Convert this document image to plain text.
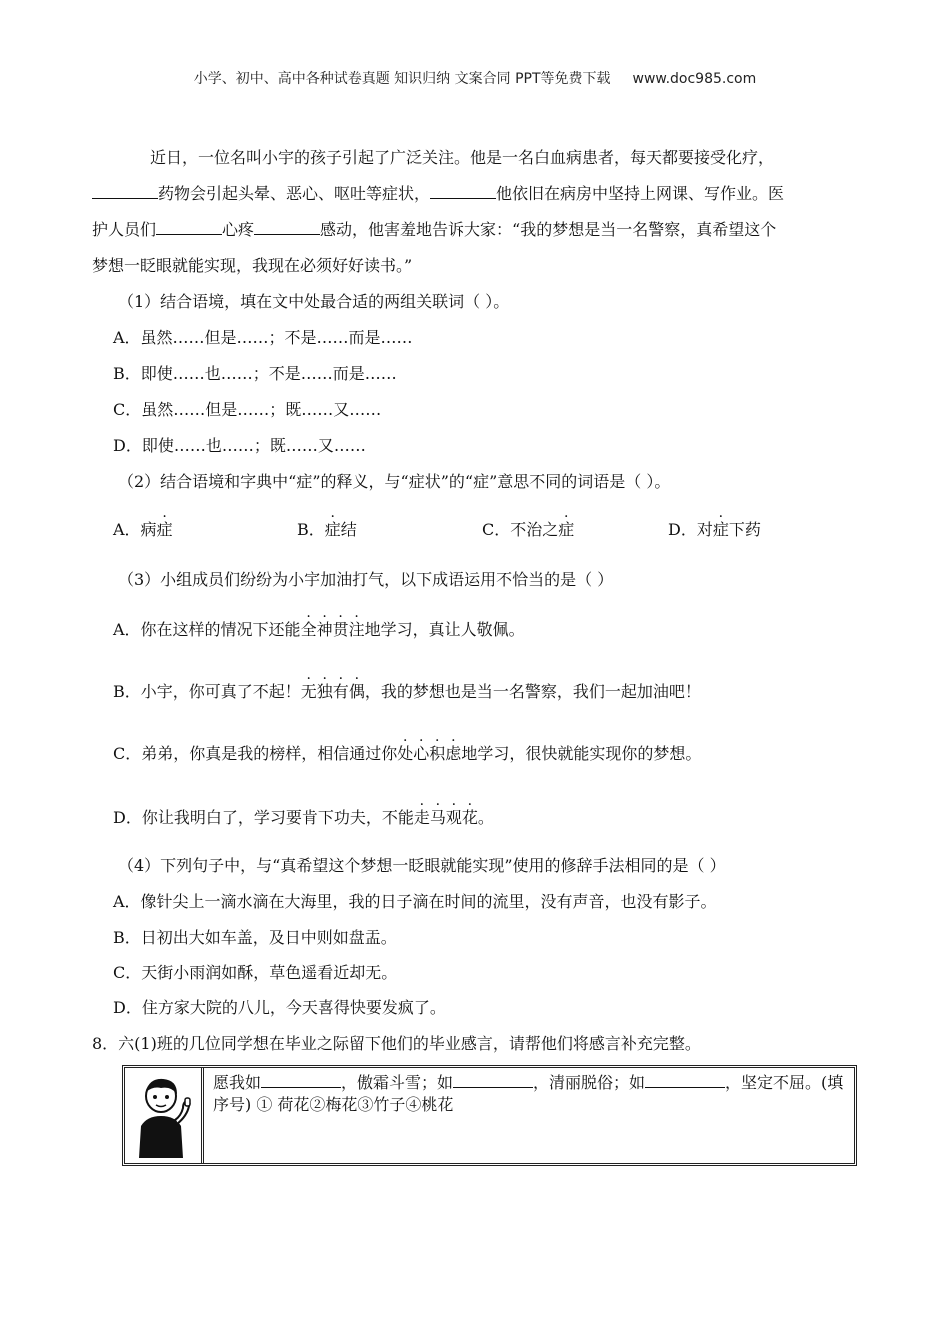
小学、初中、高中各种试卷真题 知识归纳 文案合同 PPT等免费下载 www.doc985.com
近日，一位名叫小宇的孩子引起了广泛关注。他是一名白血病患者，每天都要接受化疗，
药物会引起头晕、恶心、呕吐等症状，	他依旧在病房中坚持上网课、写作业。医
护人员们	心疼	感动，他害羞地告诉大家：“我的梦想是当一名警察，真希望这个
梦想一眨眼就能实现，我现在必须好好读书。”
（1）结合语境，填在文中处最合适的两组关联词（ ）。
A．虽然……但是……；不是……而是……
B．即使……也……；不是……而是……
C．虽然……但是……；既……又……
D．即使……也……；既……又……
（2）结合语境和字典中“症”的释义，与“症状”的“症”意思不同的词语是（ ）。
A．病症	B．症结	C．不治之症	D．对症下药
（3）小组成员们纷纷为小宇加油打气，以下成语运用不恰当的是（ ）
A．你在这样的情况下还能全神贯注地学习，真让人敬佩。
B．小宇，你可真了不起！无独有偶，我的梦想也是当一名警察，我们一起加油吧！
C．弟弟，你真是我的榜样，相信通过你处心积虑地学习，很快就能实现你的梦想。
D．你让我明白了，学习要肯下功夫，不能走马观花。
（4）下列句子中，与“真希望这个梦想一眨眼就能实现”使用的修辞手法相同的是（ ）
A．像针尖上一滴水滴在大海里，我的日子滴在时间的流里，没有声音，也没有影子。
B．日初出大如车盖，及日中则如盘盂。
C．天街小雨润如酥，草色遥看近却无。
D．住方家大院的八儿，今天喜得快要发疯了。
8．六(1)班的几位同学想在毕业之际留下他们的毕业感言，请帮他们将感言补充完整。
愿我如	，傲霜斗雪；如	，清丽脱俗；如	，坚定不屈。(填序号) ① 荷花②梅花③竹子④桃花
